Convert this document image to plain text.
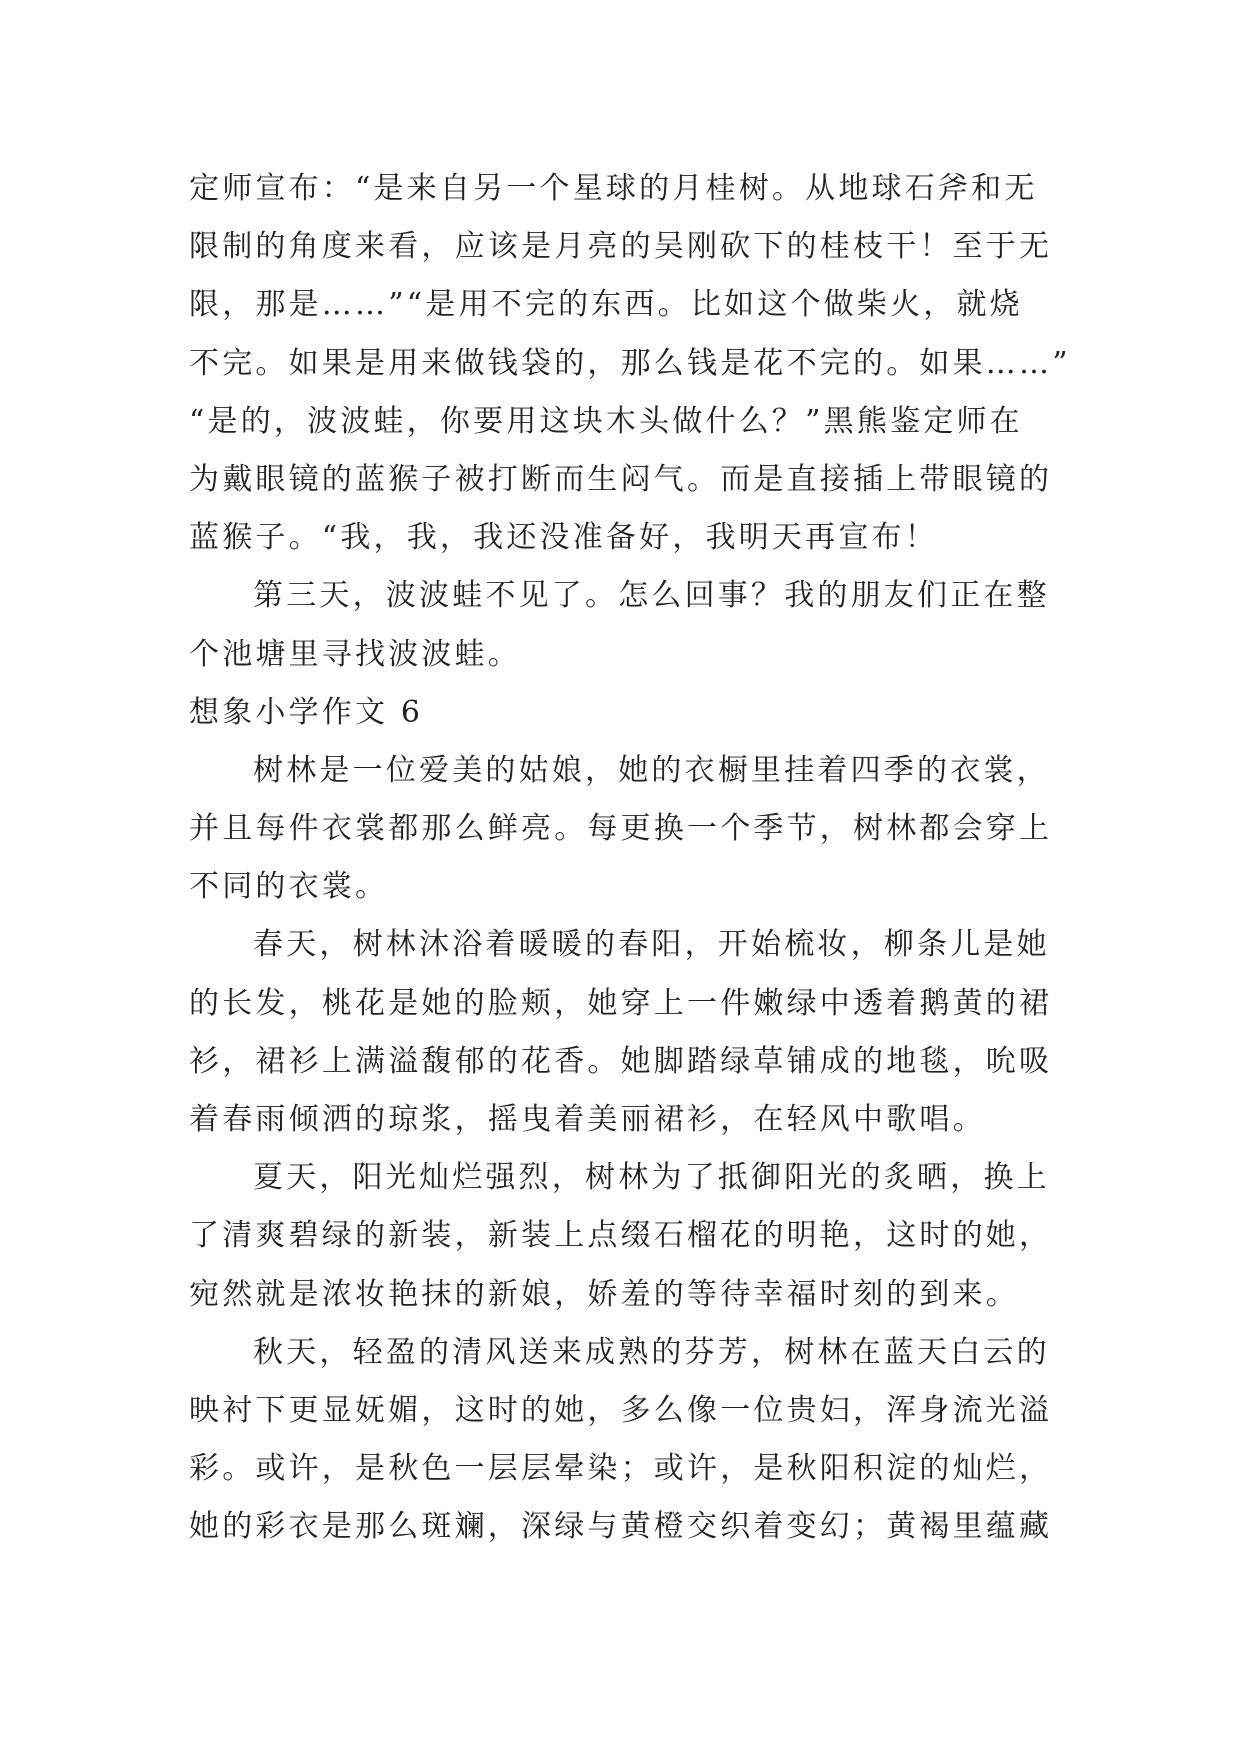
定师宣布：“是来自另一个星球的月桂树。从地球石斧和无
限制的角度来看，应该是月亮的吴刚砍下的桂枝干！至于无
限，那是……”“是用不完的东西。比如这个做柴火，就烧
不完。如果是用来做钱袋的，那么钱是花不完的。如果……”
“是的，波波蛙，你要用这块木头做什么？”黑熊鉴定师在
为戴眼镜的蓝猴子被打断而生闷气。而是直接插上带眼镜的
蓝猴子。“我，我，我还没准备好，我明天再宣布！
第三天，波波蛙不见了。怎么回事？我的朋友们正在整
个池塘里寻找波波蛙。
想象小学作文 6
树林是一位爱美的姑娘，她的衣橱里挂着四季的衣裳，
并且每件衣裳都那么鲜亮。每更换一个季节，树林都会穿上
不同的衣裳。
春天，树林沐浴着暖暖的春阳，开始梳妆，柳条儿是她
的长发，桃花是她的脸颊，她穿上一件嫩绿中透着鹅黄的裙
衫，裙衫上满溢馥郁的花香。她脚踏绿草铺成的地毯，吮吸
着春雨倾洒的琼浆，摇曳着美丽裙衫，在轻风中歌唱。
夏天，阳光灿烂强烈，树林为了抵御阳光的炙晒，换上
了清爽碧绿的新装，新装上点缀石榴花的明艳，这时的她，
宛然就是浓妆艳抹的新娘，娇羞的等待幸福时刻的到来。
秋天，轻盈的清风送来成熟的芬芳，树林在蓝天白云的
映衬下更显妩媚，这时的她，多么像一位贵妇，浑身流光溢
彩。或许，是秋色一层层晕染；或许，是秋阳积淀的灿烂，
她的彩衣是那么斑斓，深绿与黄橙交织着变幻；黄褐里蕴藏
